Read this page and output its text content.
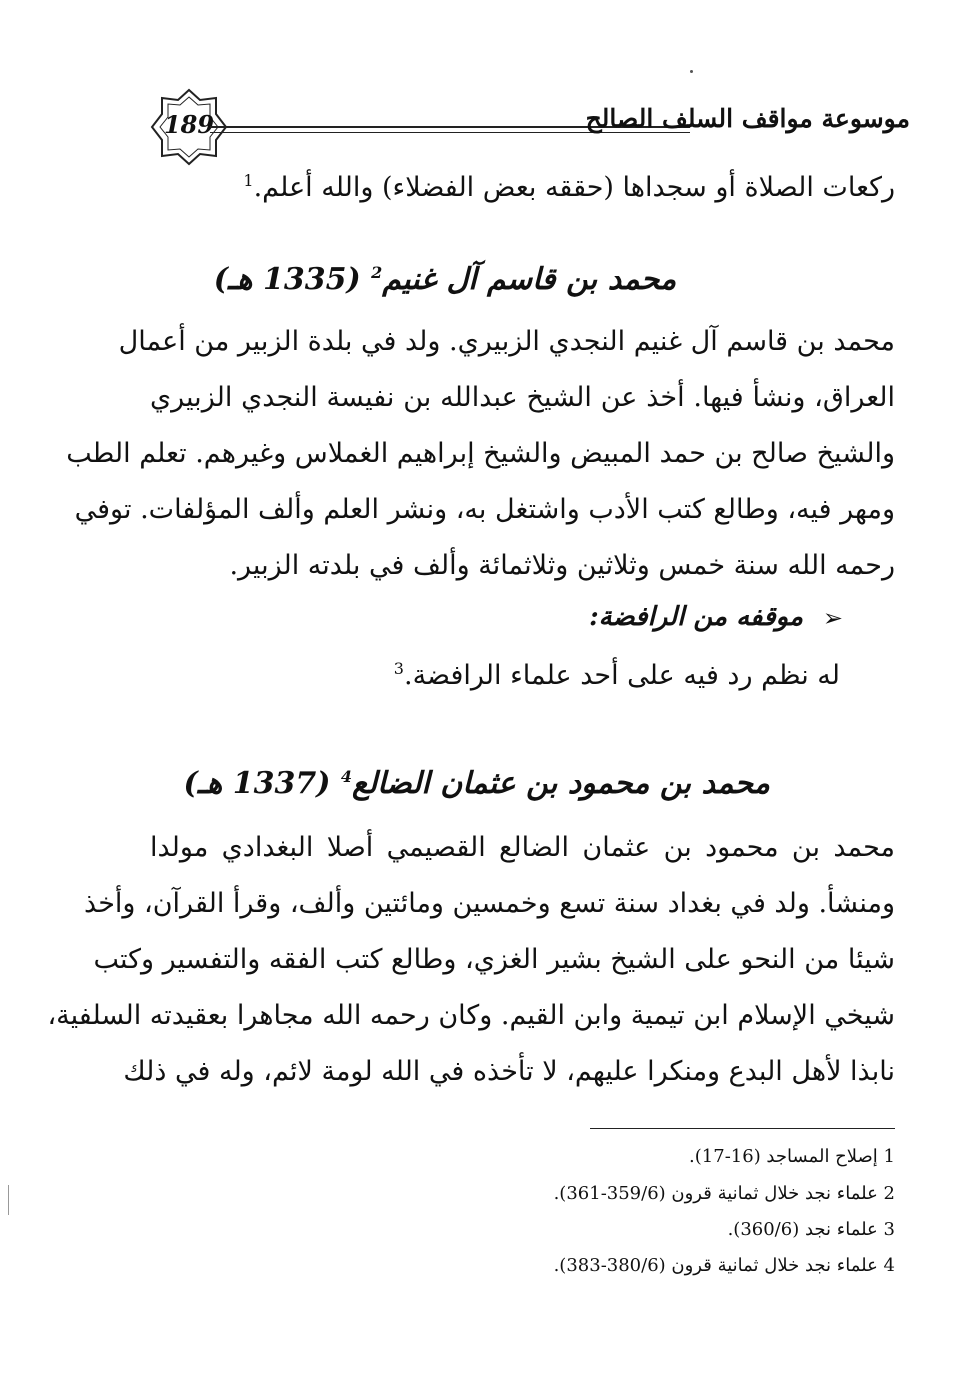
189	موسوعة مواقف السلف الصالح
ركعات الصلاة أو سجداها (حققه بعض الفضلاء) والله أعلم.$^1$
محمد بن قاسم آل غنيم$^2$ (1335 هـ)
محمد بن قاسم آل غنيم النجدي الزبيري. ولد في بلدة الزبير من أعمال
العراق، ونشأ فيها. أخذ عن الشيخ عبدالله بن نفيسة النجدي الزبيري
والشيخ صالح بن حمد المبيض والشيخ إبراهيم الغملاس وغيرهم. تعلم الطب
ومهر فيه، وطالع كتب الأدب واشتغل به، ونشر العلم وألف المؤلفات. توفي
رحمه الله سنة خمس وثلاثين وثلاثمائة وألف في بلدته الزبير.
➢
موقفه من الرافضة:
له نظم رد فيه على أحد علماء الرافضة.$^3$
محمد بن محمود بن عثمان الضالع$^4$ (1337 هـ)
محمد بن محمود بن عثمان الضالع القصيمي أصلا البغدادي مولدا
ومنشأ. ولد في بغداد سنة تسع وخمسين ومائتين وألف، وقرأ القرآن، وأخذ
شيئا من النحو على الشيخ بشير الغزي، وطالع كتب الفقه والتفسير وكتب
شيخي الإسلام ابن تيمية وابن القيم. وكان رحمه الله مجاهرا بعقيدته السلفية،
نابذا لأهل البدع ومنكرا عليهم، لا تأخذه في الله لومة لائم، وله في ذلك
1 إصلاح المساجد (16-17).
2 علماء نجد خلال ثمانية قرون (359/6-361).
3 علماء نجد (360/6).
4 علماء نجد خلال ثمانية قرون (380/6-383).
